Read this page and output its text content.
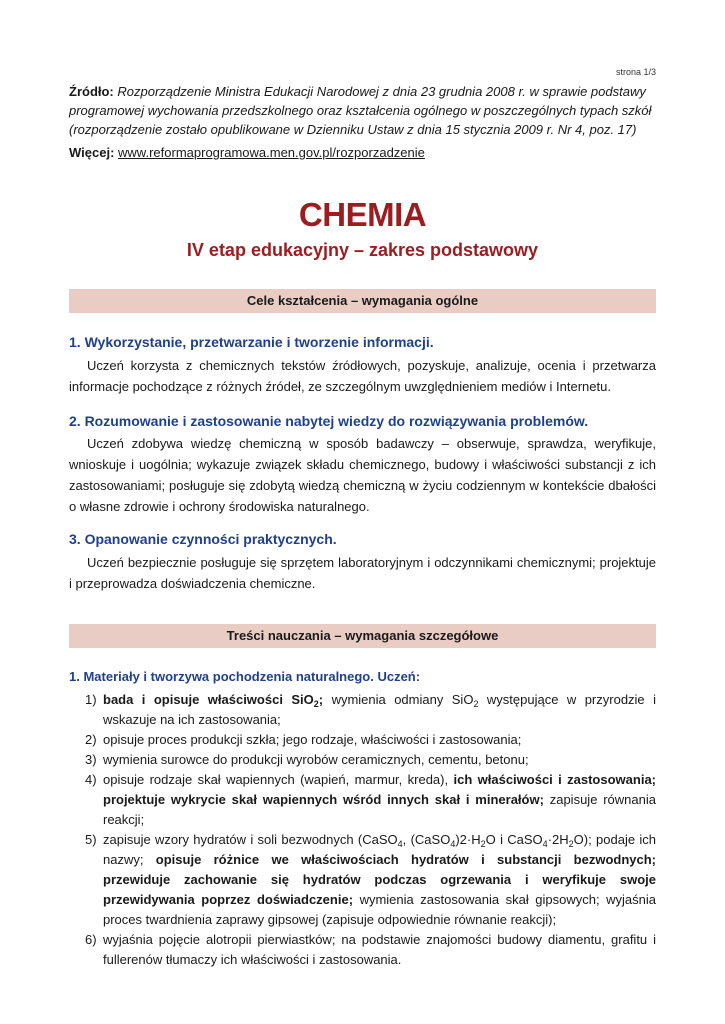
strona 1/3
Źródło: Rozporządzenie Ministra Edukacji Narodowej z dnia 23 grudnia 2008 r. w sprawie podstawy programowej wychowania przedszkolnego oraz kształcenia ogólnego w poszczególnych typach szkół (rozporządzenie zostało opublikowane w Dzienniku Ustaw z dnia 15 stycznia 2009 r. Nr 4, poz. 17)
Więcej: www.reformaprogramowa.men.gov.pl/rozporzadzenie
CHEMIA
IV etap edukacyjny – zakres podstawowy
Cele kształcenia – wymagania ogólne
1. Wykorzystanie, przetwarzanie i tworzenie informacji.
Uczeń korzysta z chemicznych tekstów źródłowych, pozyskuje, analizuje, ocenia i przetwarza informacje pochodzące z różnych źródeł, ze szczególnym uwzględnieniem mediów i Internetu.
2. Rozumowanie i zastosowanie nabytej wiedzy do rozwiązywania problemów.
Uczeń zdobywa wiedzę chemiczną w sposób badawczy – obserwuje, sprawdza, weryfikuje, wnioskuje i uogólnia; wykazuje związek składu chemicznego, budowy i właściwości substancji z ich zastosowaniami; posługuje się zdobytą wiedzą chemiczną w życiu codziennym w kontekście dbałości o własne zdrowie i ochrony środowiska naturalnego.
3. Opanowanie czynności praktycznych.
Uczeń bezpiecznie posługuje się sprzętem laboratoryjnym i odczynnikami chemicznymi; projektuje i przeprowadza doświadczenia chemiczne.
Treści nauczania – wymagania szczegółowe
1. Materiały i tworzywa pochodzenia naturalnego. Uczeń:
1) bada i opisuje właściwości SiO$_2$; wymienia odmiany SiO$_2$ występujące w przyrodzie i wskazuje na ich zastosowania;
2) opisuje proces produkcji szkła; jego rodzaje, właściwości i zastosowania;
3) wymienia surowce do produkcji wyrobów ceramicznych, cementu, betonu;
4) opisuje rodzaje skał wapiennych (wapień, marmur, kreda), ich właściwości i zastosowania; projektuje wykrycie skał wapiennych wśród innych skał i minerałów; zapisuje równania reakcji;
5) zapisuje wzory hydratów i soli bezwodnych (CaSO$_4$, $(CaSO_4)2\cdot H_2O$ i $CaSO_4\cdot 2H_2O$); podaje ich nazwy; opisuje różnice we właściwościach hydratów i substancji bezwodnych; przewiduje zachowanie się hydratów podczas ogrzewania i weryfikuje swoje przewidywania poprzez doświadczenie; wymienia zastosowania skał gipsowych; wyjaśnia proces twardnienia zaprawy gipsowej (zapisuje odpowiednie równanie reakcji);
6) wyjaśnia pojęcie alotropii pierwiastków; na podstawie znajomości budowy diamentu, grafitu i fullerenów tłumaczy ich właściwości i zastosowania.
